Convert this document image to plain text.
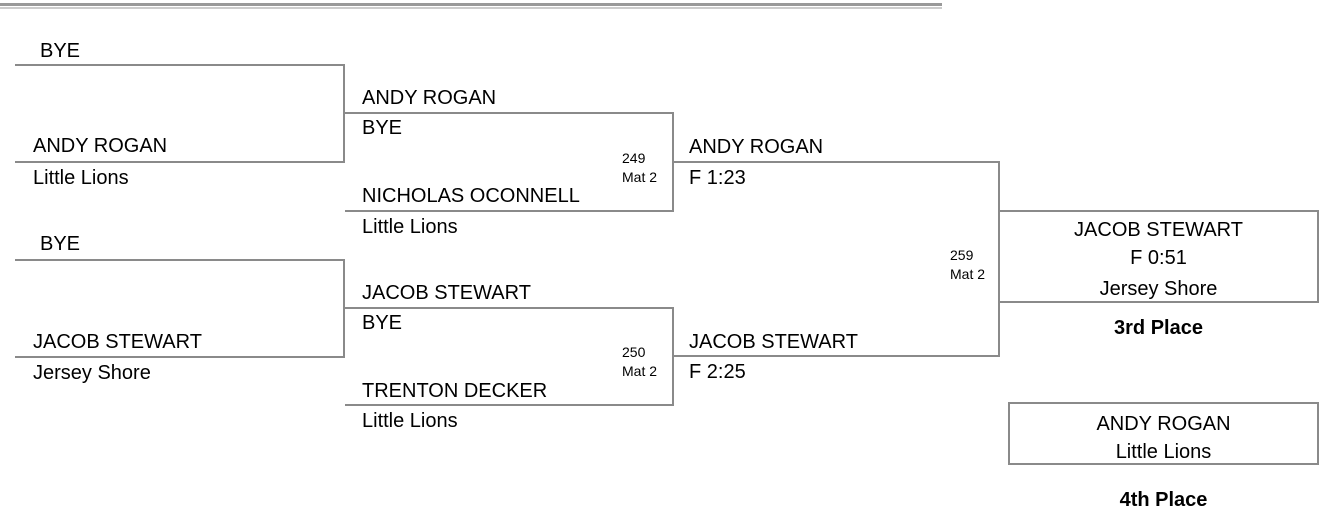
BYE
ANDY ROGAN
Little Lions
BYE
JACOB STEWART
Jersey Shore
ANDY ROGAN
BYE
249
Mat 2
NICHOLAS OCONNELL
Little Lions
JACOB STEWART
BYE
250
Mat 2
TRENTON DECKER
Little Lions
ANDY ROGAN
F 1:23
259
Mat 2
JACOB STEWART
F 2:25
JACOB STEWART
F 0:51
Jersey Shore
3rd Place
ANDY ROGAN
Little Lions
4th Place
